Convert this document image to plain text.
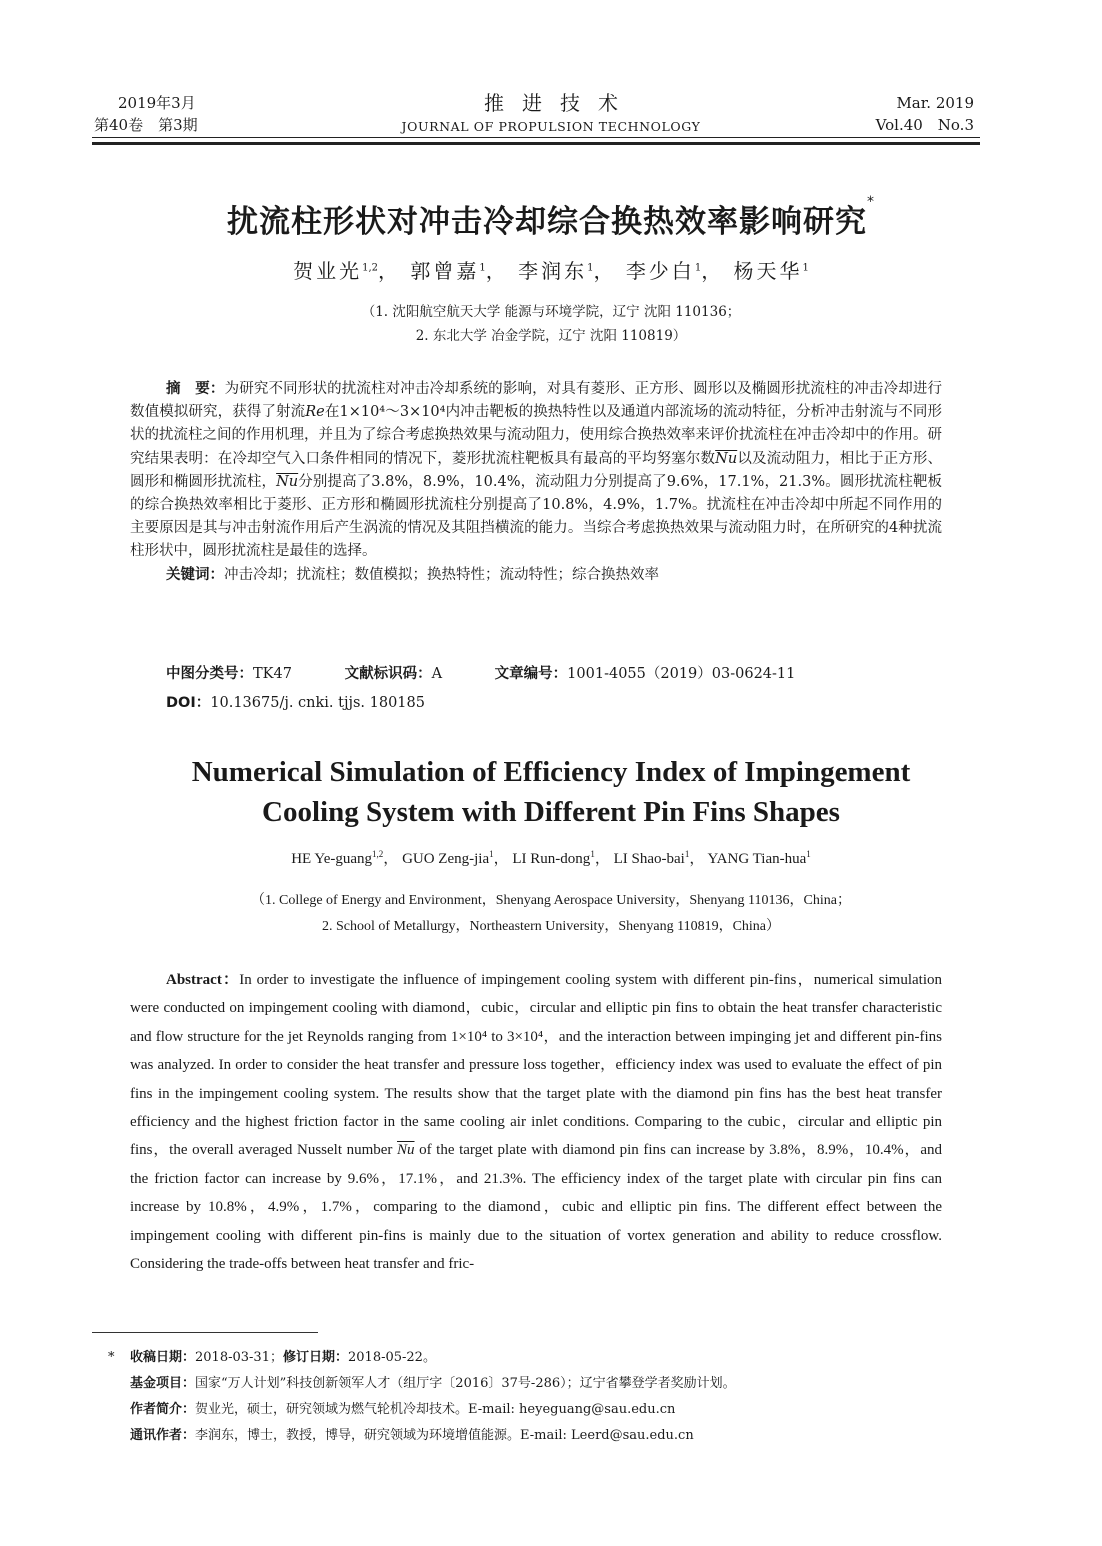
2019年3月
第40卷　第3期
推进技术
JOURNAL OF PROPULSION TECHNOLOGY
Mar. 2019
Vol.40　No.3
扰流柱形状对冲击冷却综合换热效率影响研究*
贺业光$^{1,2}$， 郭曾嘉$^1$， 李润东$^1$， 李少白$^1$， 杨天华$^1$
（1. 沈阳航空航天大学 能源与环境学院，辽宁 沈阳 110136；
2. 东北大学 冶金学院，辽宁 沈阳 110819）

摘　要：为研究不同形状的扰流柱对冲击冷却系统的影响，对具有菱形、正方形、圆形以及椭圆形扰流柱的冲击冷却进行数值模拟研究，获得了射流Re在1×10⁴～3×10⁴内冲击靶板的换热特性以及通道内部流场的流动特征，分析冲击射流与不同形状的扰流柱之间的作用机理，并且为了综合考虑换热效果与流动阻力，使用综合换热效率来评价扰流柱在冲击冷却中的作用。研究结果表明：在冷却空气入口条件相同的情况下，菱形扰流柱靶板具有最高的平均努塞尔数$\overline{Nu}$以及流动阻力，相比于正方形、圆形和椭圆形扰流柱，$\overline{Nu}$分别提高了3.8%，8.9%，10.4%，流动阻力分别提高了9.6%，17.1%，21.3%。圆形扰流柱靶板的综合换热效率相比于菱形、正方形和椭圆形扰流柱分别提高了10.8%，4.9%，1.7%。扰流柱在冲击冷却中所起不同作用的主要原因是其与冲击射流作用后产生涡流的情况及其阻挡横流的能力。当综合考虑换热效果与流动阻力时，在所研究的4种扰流柱形状中，圆形扰流柱是最佳的选择。

关键词：冲击冷却；扰流柱；数值模拟；换热特性；流动特性；综合换热效率

中图分类号：TK47	文献标识码：A	文章编号：1001-4055（2019）03-0624-11
DOI：10.13675/j. cnki. tjjs. 180185
Numerical Simulation of Efficiency Index of Impingement
Cooling System with Different Pin Fins Shapes
HE Ye-guang$^{1,2}$， GUO Zeng-jia$^1$， LI Run-dong$^1$， LI Shao-bai$^1$， YANG Tian-hua$^1$
（1. College of Energy and Environment，Shenyang Aerospace University，Shenyang 110136，China；
2. School of Metallurgy，Northeastern University，Shenyang 110819，China）

Abstract：In order to investigate the influence of impingement cooling system with different pin-fins，numerical simulation were conducted on impingement cooling with diamond，cubic，circular and elliptic pin fins to obtain the heat transfer characteristic and flow structure for the jet Reynolds ranging from 1×10⁴ to 3×10⁴，and the interaction between impinging jet and different pin-fins was analyzed. In order to consider the heat transfer and pressure loss together，efficiency index was used to evaluate the effect of pin fins in the impingement cooling system. The results show that the target plate with the diamond pin fins has the best heat transfer efficiency and the highest friction factor in the same cooling air inlet conditions. Comparing to the cubic，circular and elliptic pin fins，the overall averaged Nusselt number $\overline{Nu}$ of the target plate with diamond pin fins can increase by 3.8%，8.9%，10.4%，and the friction factor can increase by 9.6%，17.1%，and 21.3%. The efficiency index of the target plate with circular pin fins can increase by 10.8%，4.9%，1.7%，comparing to the diamond，cubic and elliptic pin fins. The different effect between the impingement cooling with different pin-fins is mainly due to the situation of vortex generation and ability to reduce crossflow. Considering the trade-offs between heat transfer and fric-

* 收稿日期：2018-03-31；修订日期：2018-05-22。

基金项目：国家“万人计划”科技创新领军人才（组厅字〔2016〕37号-286）；辽宁省攀登学者奖励计划。

作者简介：贺业光，硕士，研究领域为燃气轮机冷却技术。E-mail: heyeguang@sau.edu.cn

通讯作者：李润东，博士，教授，博导，研究领域为环境增值能源。E-mail: Leerd@sau.edu.cn
